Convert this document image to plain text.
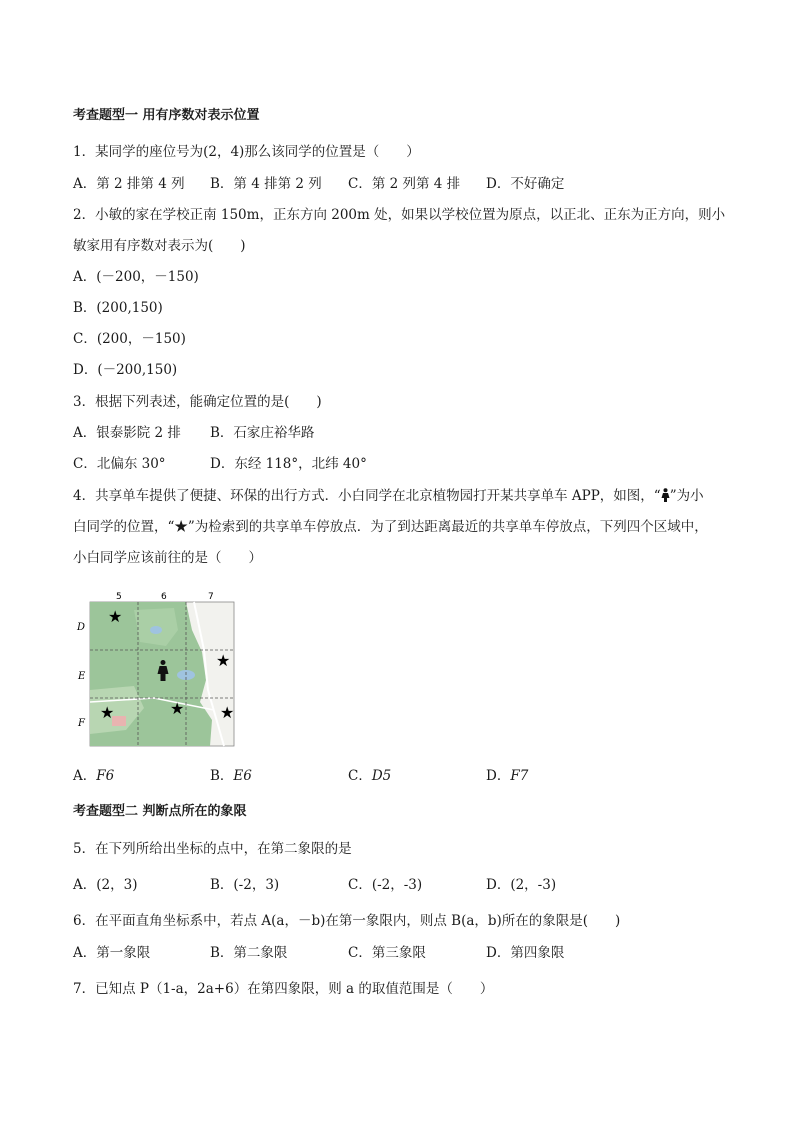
考查题型一 用有序数对表示位置
1．某同学的座位号为(2，4)那么该同学的位置是（　　）
A．第 2 排第 4 列 B．第 4 排第 2 列 C．第 2 列第 4 排 D．不好确定
2．小敏的家在学校正南 150m，正东方向 200m 处，如果以学校位置为原点，以正北、正东为正方向，则小
敏家用有序数对表示为(　　)
A．(－200，－150)
B．(200,150)
C．(200，－150)
D．(－200,150)
3．根据下列表述，能确定位置的是(　　)
A．银泰影院 2 排 B．石家庄裕华路
C．北偏东 30°	D．东经 118°，北纬 40°
4．共享单车提供了便捷、环保的出行方式．小白同学在北京植物园打开某共享单车 APP，如图，“ ”为小
白同学的位置，“★”为检索到的共享单车停放点．为了到达距离最近的共享单车停放点，下列四个区域中，
小白同学应该前往的是（　　）
5	6	7
D
E
F
★
★
★	★ ★
A．F6	B．E6	C．D5	D．F7
考查题型二 判断点所在的象限
5．在下列所给出坐标的点中，在第二象限的是
A．(2，3)	B．(-2，3)	C．(-2，-3)	D．(2，-3)
6．在平面直角坐标系中，若点 A(a，－b)在第一象限内，则点 B(a，b)所在的象限是(　　)
A．第一象限	B．第二象限	C．第三象限	D．第四象限
7．已知点 P（1-a，2a+6）在第四象限，则 a 的取值范围是（　　）
